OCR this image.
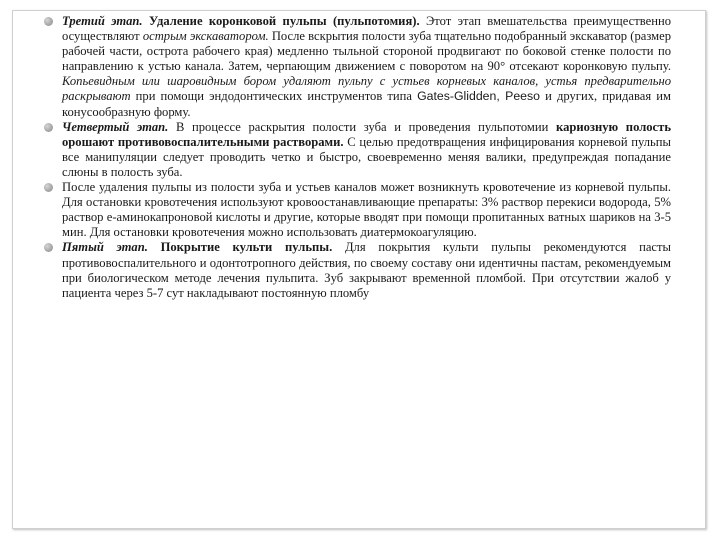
Третий этап. Удаление коронковой пульпы (пульпотомия). Этот этап вмешательства преимущественно осуществляют острым экскаватором. После вскрытия полости зуба тщательно подобранный экскаватор (размер рабочей части, острота рабочего края) медленно тыльной стороной продвигают по боковой стенке полости по направлению к устью канала. Затем, черпающим движением с поворотом на 90° отсекают коронковую пульпу. Копьевидным или шаровидным бором удаляют пульпу с устьев корневых каналов, устья предварительно раскрывают при помощи эндодонтических инструментов типа Gates-Glidden, Peeso и других, придавая им конусообразную форму.
Четвертый этап. В процессе раскрытия полости зуба и проведения пульпотомии кариозную полость орошают противовоспалительными растворами. С целью предотвращения инфицирования корневой пульпы все манипуляции следует проводить четко и быстро, своевременно меняя валики, предупреждая попадание слюны в полость зуба.
После удаления пульпы из полости зуба и устьев каналов может возникнуть кровотечение из корневой пульпы. Для остановки кровотечения используют кровоостанавливающие препараты: 3% раствор перекиси водорода, 5% раствор е-аминокапроновой кислоты и другие, которые вводят при помощи пропитанных ватных шариков на 3-5 мин. Для остановки кровотечения можно использовать диатермокоагуляцию.
Пятый этап. Покрытие культи пульпы. Для покрытия культи пульпы рекомендуются пасты противовоспалительного и одонтотропного действия, по своему составу они идентичны пастам, рекомендуемым при биологическом методе лечения пульпита. Зуб закрывают временной пломбой. При отсутствии жалоб у пациента через 5-7 сут накладывают постоянную пломбу
